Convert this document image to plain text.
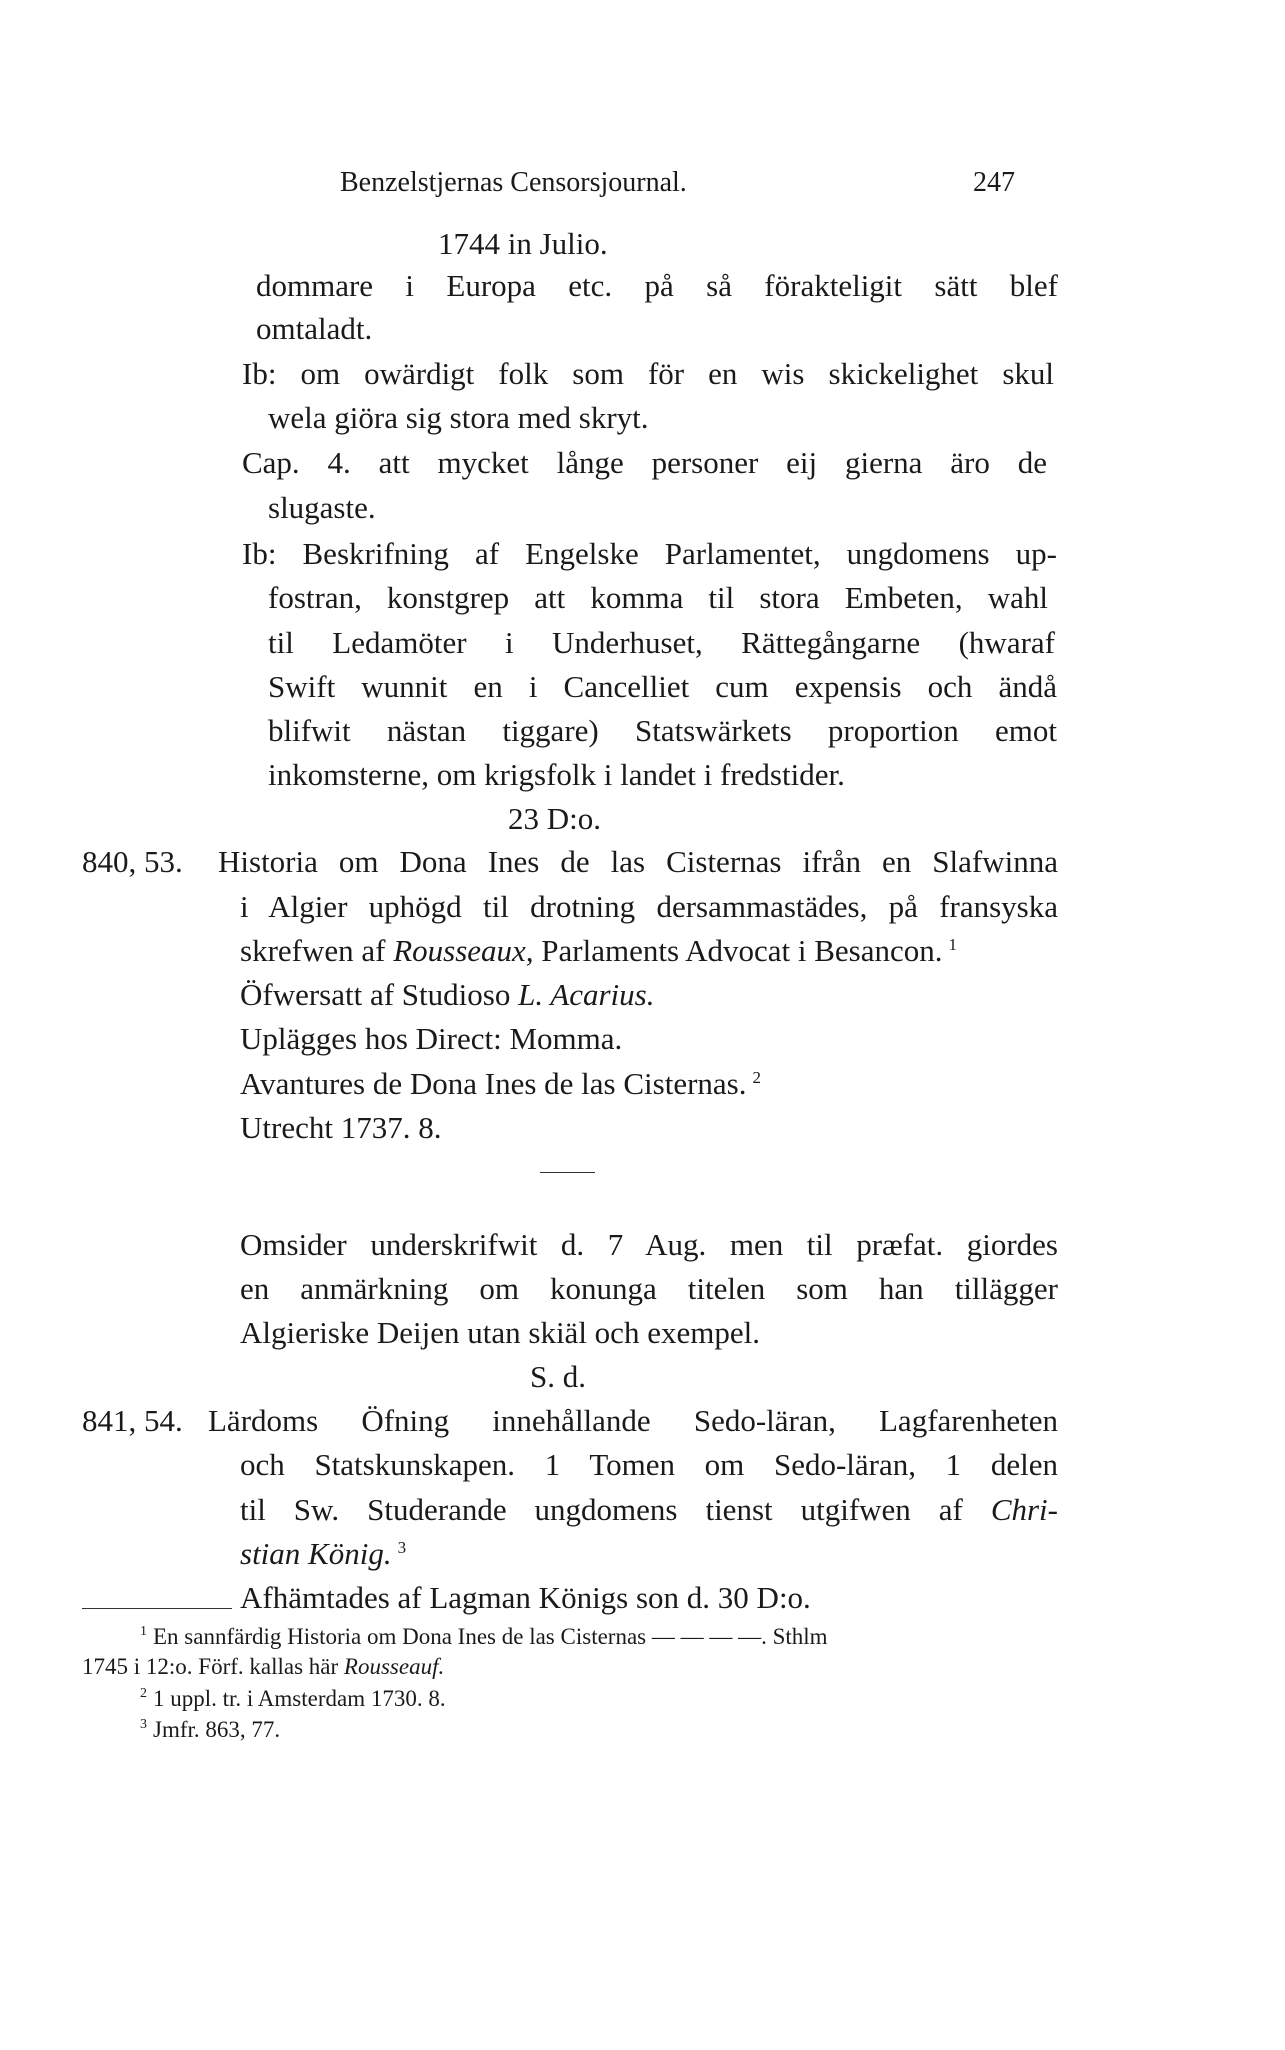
Benzelstjernas Censorsjournal.	247
1744 in Julio.
dommare i Europa etc. på så förakteligit sätt blef
omtaladt.
Ib: om owärdigt folk som för en wis skickelighet skul
wela giöra sig stora med skryt.
Cap. 4. att mycket långe personer eij gierna äro de
slugaste.
Ib: Beskrifning af Engelske Parlamentet, ungdomens up-
fostran, konstgrep att komma til stora Embeten, wahl
til Ledamöter i Underhuset, Rättegångarne (hwaraf
Swift wunnit en i Cancelliet cum expensis och ändå
blifwit nästan tiggare) Statswärkets proportion emot
inkomsterne, om krigsfolk i landet i fredstider.
23 D:o.
840, 53. Historia om Dona Ines de las Cisternas ifrån en Slafwinna
i Algier uphögd til drotning dersammastädes, på fransyska
skrefwen af Rousseaux, Parlaments Advocat i Besancon. $^1$
Öfwersatt af Studioso L. Acarius.
Uplägges hos Direct: Momma.
Avantures de Dona Ines de las Cisternas. $^2$
Utrecht 1737. 8.
Omsider underskrifwit d. 7 Aug. men til præfat. giordes
en anmärkning om konunga titelen som han tillägger
Algieriske Deijen utan skiäl och exempel.
S. d.
841, 54. Lärdoms Öfning innehållande Sedo-läran, Lagfarenheten
och Statskunskapen. 1 Tomen om Sedo-läran, 1 delen
til Sw. Studerande ungdomens tienst utgifwen af Chri-
stian König. $^3$
Afhämtades af Lagman Königs son d. 30 D:o.
$^1$ En sannfärdig Historia om Dona Ines de las Cisternas — — — —. Sthlm
1745 i 12:o. Förf. kallas här Rousseauf.
$^2$ 1 uppl. tr. i Amsterdam 1730. 8.
$^3$ Jmfr. 863, 77.
